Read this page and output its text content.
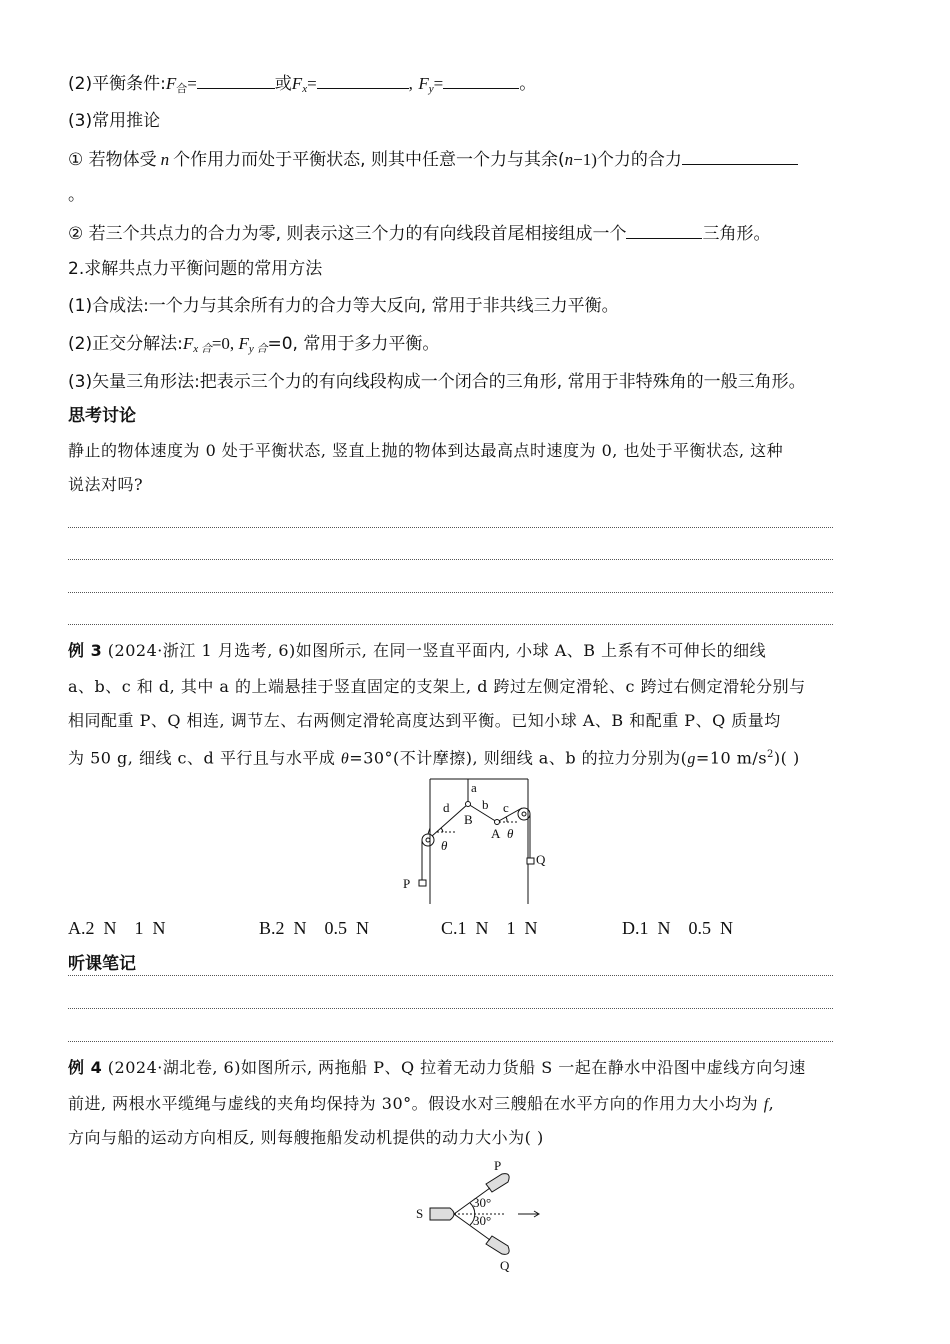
(2)平衡条件$:F_合=$	或$F_x=$	, $F_y=$	。
(3)常用推论
① 若物体受 n 个作用力而处于平衡状态, 则其中任意一个力与其余(n−1)个力的合力
。
② 若三个共点力的合力为零, 则表示这三个力的有向线段首尾相接组成一个	三角形。
2.求解共点力平衡问题的常用方法
(1)合成法:一个力与其余所有力的合力等大反向, 常用于非共线三力平衡。
(2)正交分解法$:F_{x 合}=0$, $F_{y 合}=0$, 常用于多力平衡。
(3)矢量三角形法:把表示三个力的有向线段构成一个闭合的三角形, 常用于非特殊角的一般三角形。
思考讨论
静止的物体速度为 0 处于平衡状态, 竖直上抛的物体到达最高点时速度为 0, 也处于平衡状态, 这种
说法对吗?
例 3 (2024·浙江 1 月选考, 6)如图所示, 在同一竖直平面内, 小球 A、B 上系有不可伸长的细线
a、b、c 和 d, 其中 a 的上端悬挂于竖直固定的支架上, d 跨过左侧定滑轮、c 跨过右侧定滑轮分别与
相同配重 P、Q 相连, 调节左、右两侧定滑轮高度达到平衡。已知小球 A、B 和配重 P、Q 质量均
为 50 g, 细线 c、d 平行且与水平成 θ=30°(不计摩擦), 则细线 a、b 的拉力分别为(g=10 $m/s^2$)( )
a
b c
d
B
A
P
Q
θ
θ
A.2  N    1  N	B.2  N    0.5  N	C.1  N    1  N	D.1  N    0.5  N
听课笔记
例 4 (2024·湖北卷, 6)如图所示, 两拖船 P、Q 拉着无动力货船 S 一起在静水中沿图中虚线方向匀速
前进, 两根水平缆绳与虚线的夹角均保持为 30°。假设水对三艘船在水平方向的作用力大小均为 f,
方向与船的运动方向相反, 则每艘拖船发动机提供的动力大小为( )
S
P
Q
30°
30°
